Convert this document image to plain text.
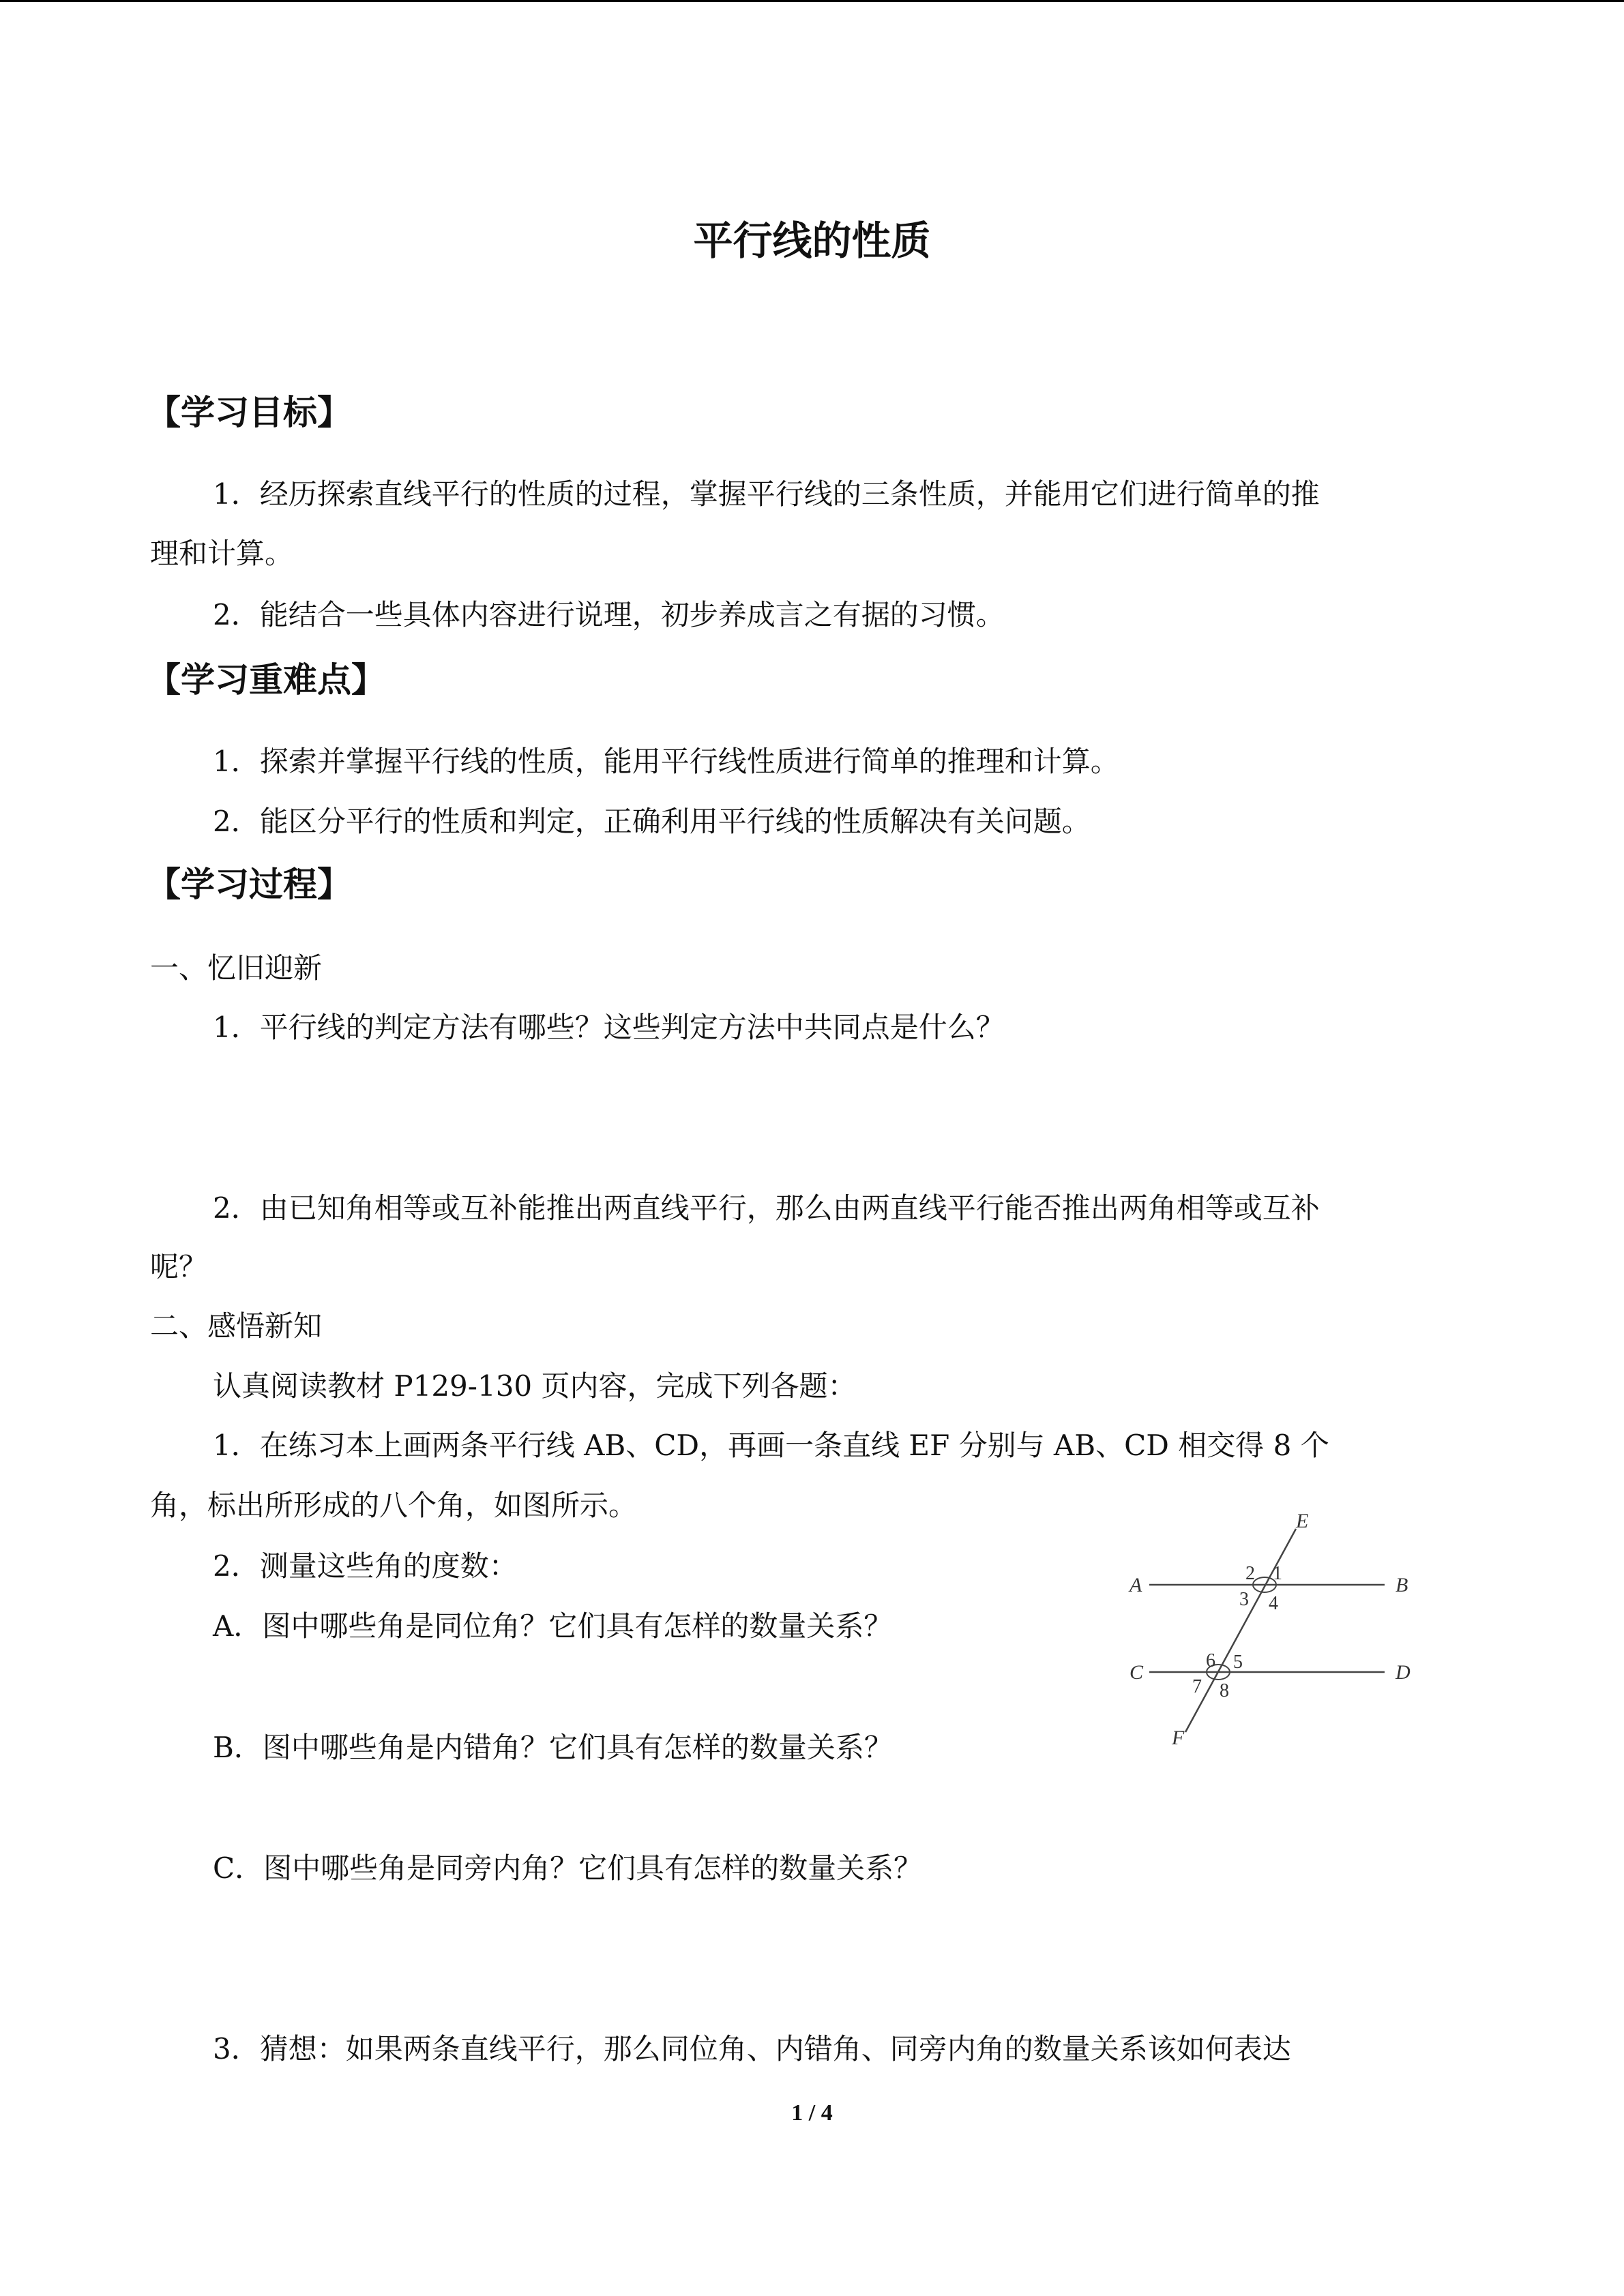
平行线的性质
【学习目标】
1．经历探索直线平行的性质的过程，掌握平行线的三条性质，并能用它们进行简单的推
理和计算。
2．能结合一些具体内容进行说理，初步养成言之有据的习惯。
【学习重难点】
1．探索并掌握平行线的性质，能用平行线性质进行简单的推理和计算。
2．能区分平行的性质和判定，正确利用平行线的性质解决有关问题。
【学习过程】
一、忆旧迎新
1．平行线的判定方法有哪些？这些判定方法中共同点是什么？
2．由已知角相等或互补能推出两直线平行，那么由两直线平行能否推出两角相等或互补
呢？
二、感悟新知
认真阅读教材 P129-130 页内容，完成下列各题：
1．在练习本上画两条平行线 AB、CD，再画一条直线 EF 分别与 AB、CD 相交得 8 个
角，标出所形成的八个角，如图所示。
2．测量这些角的度数：
A．图中哪些角是同位角？它们具有怎样的数量关系？
B．图中哪些角是内错角？它们具有怎样的数量关系？
C．图中哪些角是同旁内角？它们具有怎样的数量关系？
3．猜想：如果两条直线平行，那么同位角、内错角、同旁内角的数量关系该如何表达
E
A	B
C	D
F
2 1
3 4
6 5
7 8
1 / 4
